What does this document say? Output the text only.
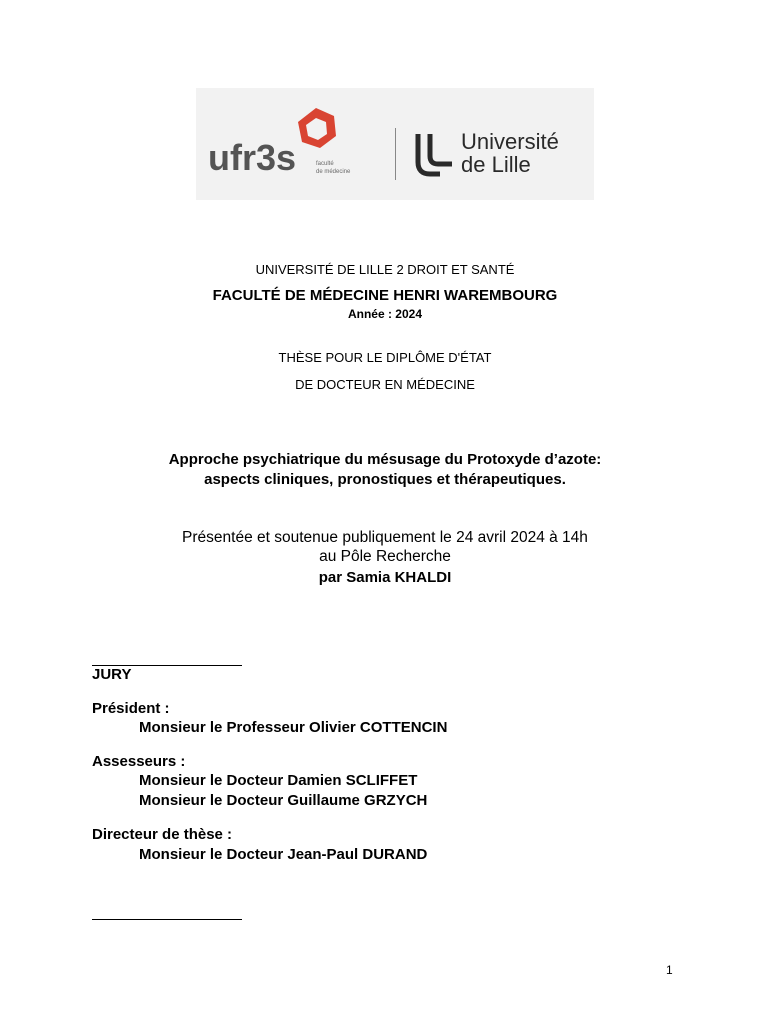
ufr3s	faculté
de médecine
Université
de Lille
UNIVERSITÉ DE LILLE 2 DROIT ET SANTÉ
FACULTÉ DE MÉDECINE HENRI WAREMBOURG
Année : 2024
THÈSE POUR LE DIPLÔME D'ÉTAT
DE DOCTEUR EN MÉDECINE
Approche psychiatrique du mésusage du Protoxyde d’azote:
aspects cliniques, pronostiques et thérapeutiques.
Présentée et soutenue publiquement le 24 avril 2024 à 14h
au Pôle Recherche
par Samia KHALDI
JURY
Président :
Monsieur le Professeur Olivier COTTENCIN
Assesseurs :
Monsieur le Docteur Damien SCLIFFET
Monsieur le Docteur Guillaume GRZYCH
Directeur de thèse :
Monsieur le Docteur Jean-Paul DURAND
1
